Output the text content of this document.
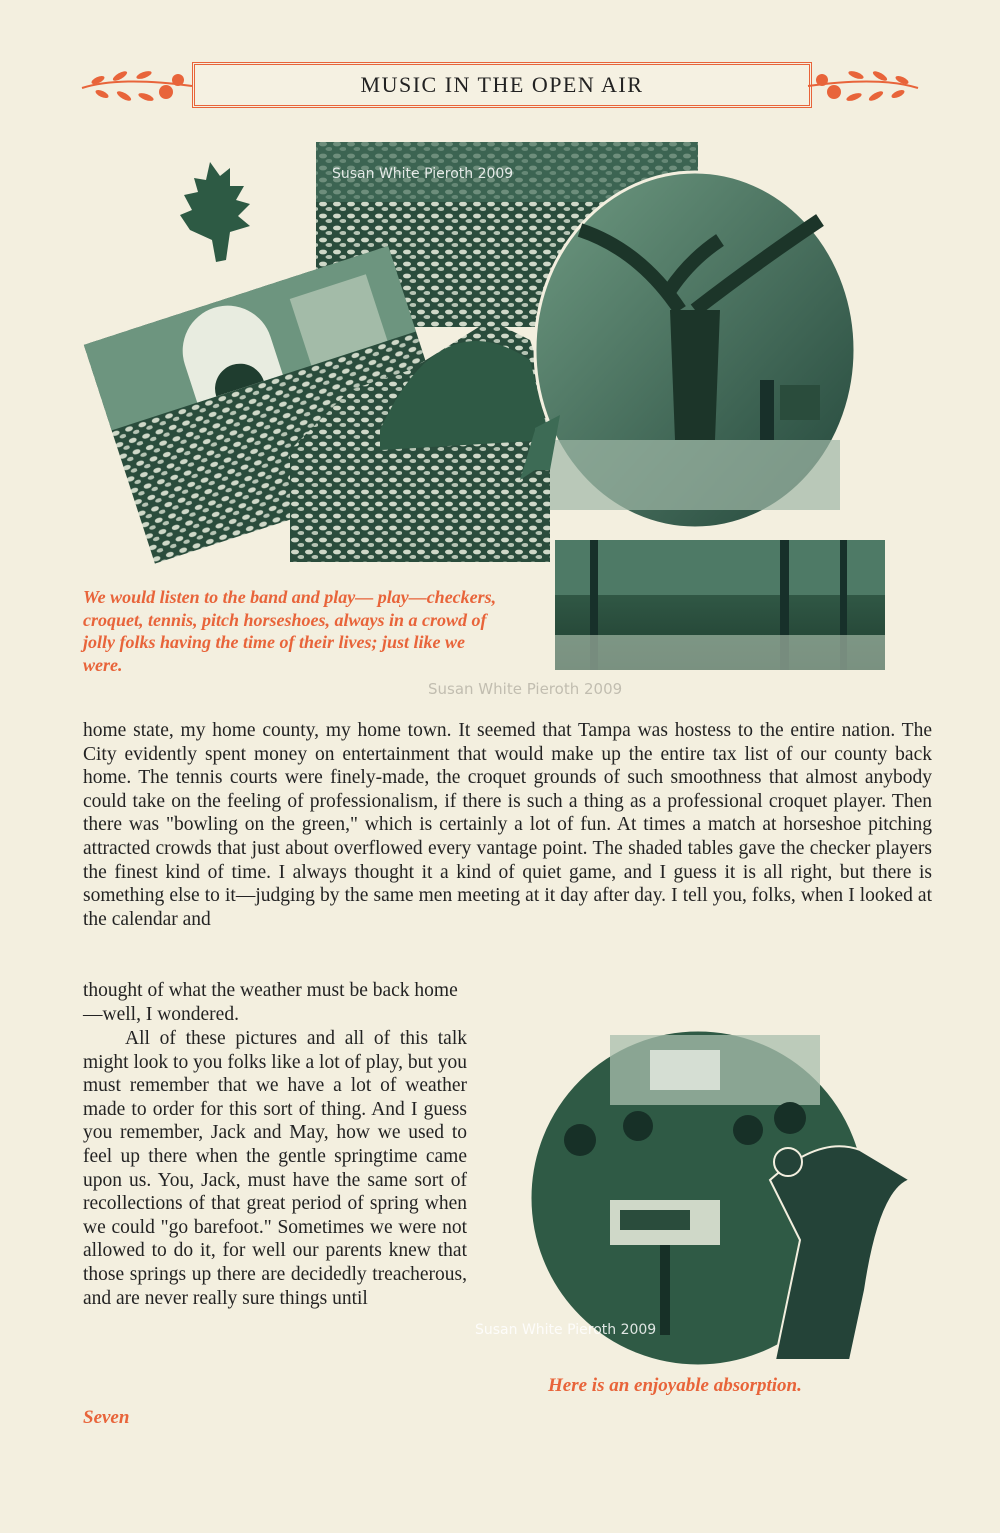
MUSIC IN THE OPEN AIR
Susan White Pieroth 2009
We would listen to the band and play— play—checkers, croquet, tennis, pitch horseshoes, always in a crowd of jolly folks having the time of their lives; just like we were.
Susan White Pieroth 2009

home state, my home county, my home town. It seemed that Tampa was hostess to the entire nation. The City evidently spent money on entertainment that would make up the entire tax list of our county back home. The tennis courts were finely-made, the croquet grounds of such smoothness that almost anybody could take on the feeling of professionalism, if there is such a thing as a professional croquet player. Then there was "bowling on the green," which is certainly a lot of fun. At times a match at horseshoe pitching attracted crowds that just about overflowed every vantage point. The shaded tables gave the checker players the finest kind of time. I always thought it a kind of quiet game, and I guess it is all right, but there is something else to it—judging by the same men meeting at it day after day. I tell you, folks, when I looked at the calendar and

thought of what the weather must be back home—well, I wondered.

All of these pictures and all of this talk might look to you folks like a lot of play, but you must remember that we have a lot of weather made to order for this sort of thing. And I guess you remember, Jack and May, how we used to feel up there when the gentle springtime came upon us. You, Jack, must have the same sort of recollections of that great period of spring when we could "go barefoot." Sometimes we were not allowed to do it, for well our parents knew that those springs up there are decidedly treacherous, and are never really sure things until

Seven
Susan White Pieroth 2009
Here is an enjoyable absorption.
